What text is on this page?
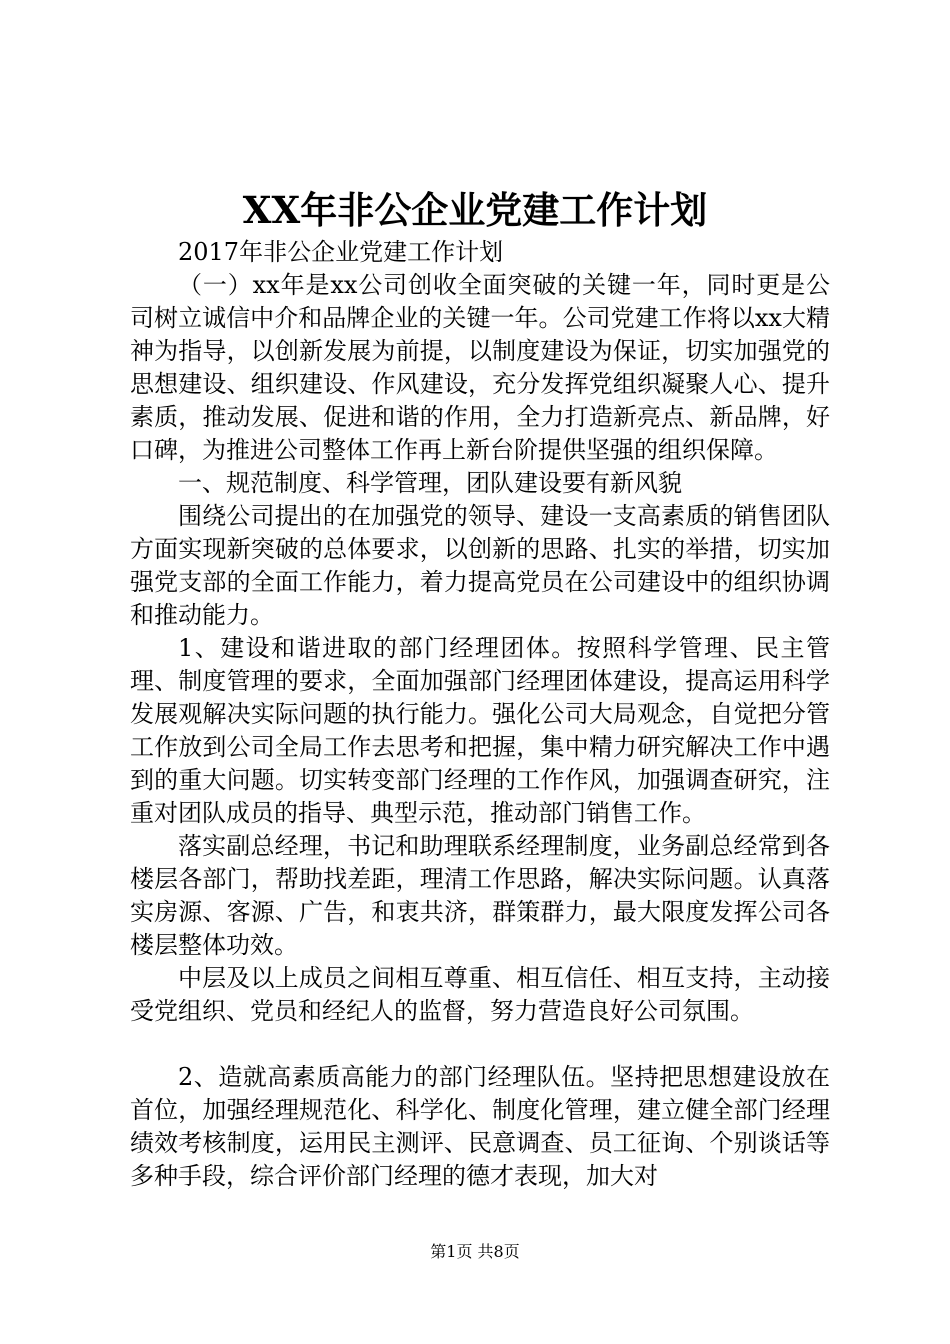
XX年非公企业党建工作计划

2017年非公企业党建工作计划

（一）xx年是xx公司创收全面突破的关键一年，同时更是公司树立诚信中介和品牌企业的关键一年。公司党建工作将以xx大精神为指导，以创新发展为前提，以制度建设为保证，切实加强党的思想建设、组织建设、作风建设，充分发挥党组织凝聚人心、提升素质，推动发展、促进和谐的作用，全力打造新亮点、新品牌，好口碑，为推进公司整体工作再上新台阶提供坚强的组织保障。

一、规范制度、科学管理，团队建设要有新风貌

围绕公司提出的在加强党的领导、建设一支高素质的销售团队方面实现新突破的总体要求，以创新的思路、扎实的举措，切实加强党支部的全面工作能力，着力提高党员在公司建设中的组织协调和推动能力。

1、建设和谐进取的部门经理团体。按照科学管理、民主管理、制度管理的要求，全面加强部门经理团体建设，提高运用科学发展观解决实际问题的执行能力。强化公司大局观念，自觉把分管工作放到公司全局工作去思考和把握，集中精力研究解决工作中遇到的重大问题。切实转变部门经理的工作作风，加强调查研究，注重对团队成员的指导、典型示范，推动部门销售工作。

落实副总经理，书记和助理联系经理制度，业务副总经常到各楼层各部门，帮助找差距，理清工作思路，解决实际问题。认真落实房源、客源、广告，和衷共济，群策群力，最大限度发挥公司各楼层整体功效。

中层及以上成员之间相互尊重、相互信任、相互支持，主动接受党组织、党员和经纪人的监督，努力营造良好公司氛围。

2、造就高素质高能力的部门经理队伍。坚持把思想建设放在首位，加强经理规范化、科学化、制度化管理，建立健全部门经理绩效考核制度，运用民主测评、民意调查、员工征询、个别谈话等多种手段，综合评价部门经理的德才表现，加大对

第1页 共8页
